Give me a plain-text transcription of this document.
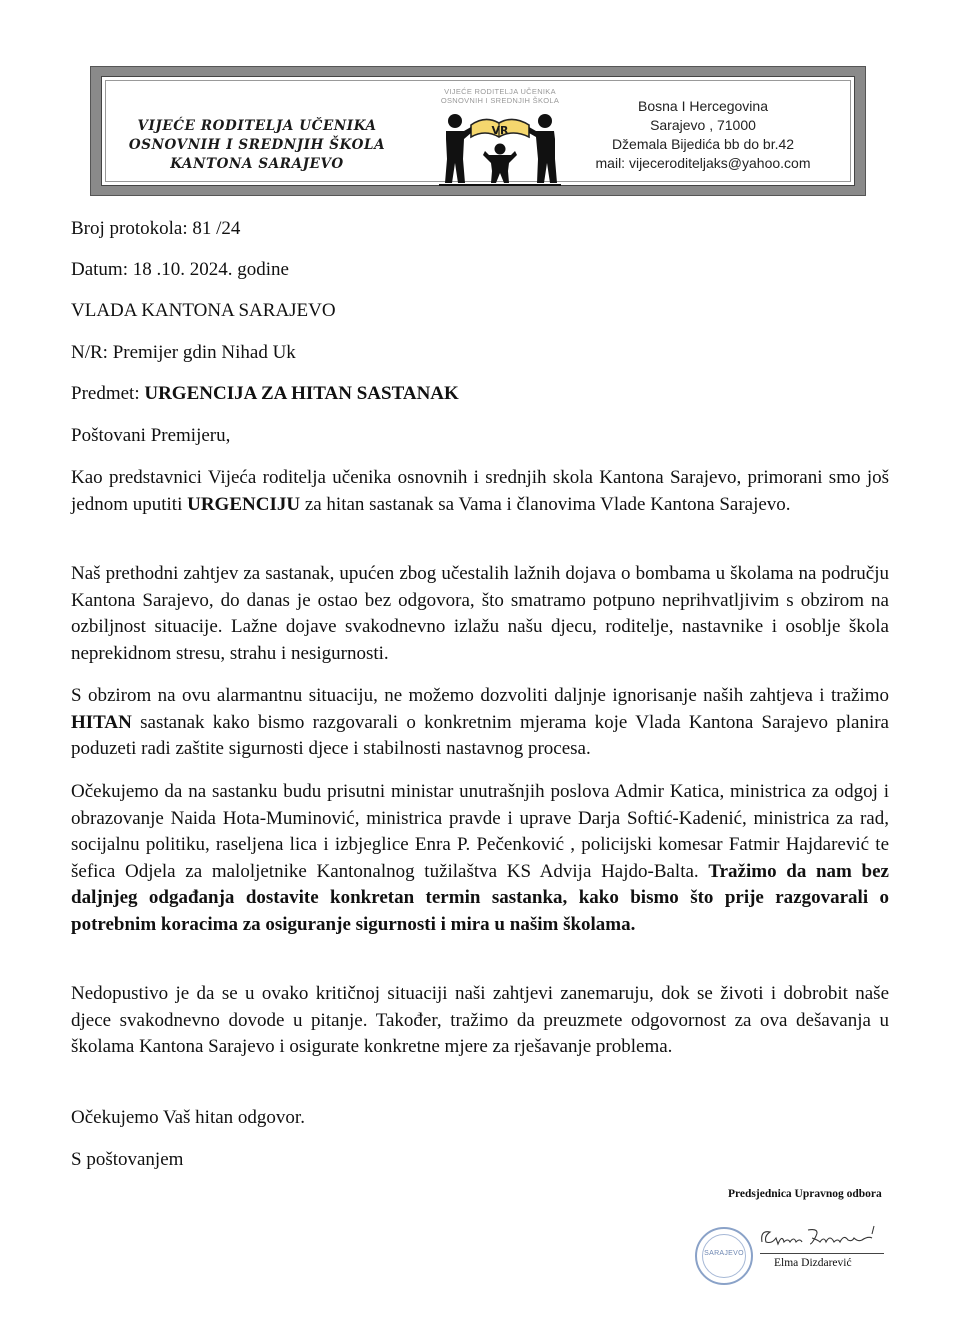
VIJEĆE RODITELJA UČENIKA
OSNOVNIH I SREDNJIH ŠKOLA
KANTONA SARAJEVO
VIJEĆE RODITELJA UČENIKA
OSNOVNIH I SREDNJIH ŠKOLA
VR
Bosna I Hercegovina
Sarajevo , 71000
Džemala Bijedića bb do br.42
mail: vijeceroditeljaks@yahoo.com
Broj protokola: 81 /24
Datum: 18 .10. 2024. godine
VLADA KANTONA SARAJEVO
N/R: Premijer gdin Nihad Uk
Predmet: URGENCIJA ZA HITAN SASTANAK
Poštovani Premijeru,

Kao predstavnici Vijeća roditelja učenika osnovnih i srednjih skola Kantona Sarajevo, primorani smo još jednom uputiti URGENCIJU za hitan sastanak sa Vama i članovima Vlade Kantona Sarajevo.

Naš prethodni zahtjev za sastanak, upućen zbog učestalih lažnih dojava o bombama u školama na području Kantona Sarajevo, do danas je ostao bez odgovora, što smatramo potpuno neprihvatljivim s obzirom na ozbiljnost situacije. Lažne dojave svakodnevno izlažu našu djecu, roditelje, nastavnike i osoblje škola neprekidnom stresu, strahu i nesigurnosti.

S obzirom na ovu alarmantnu situaciju, ne možemo dozvoliti daljnje ignorisanje naših zahtjeva i tražimo HITAN sastanak kako bismo razgovarali o konkretnim mjerama koje Vlada Kantona Sarajevo planira poduzeti radi zaštite sigurnosti djece i stabilnosti nastavnog procesa.

Očekujemo da na sastanku budu prisutni ministar unutrašnjih poslova Admir Katica, ministrica za odgoj i obrazovanje Naida Hota-Muminović, ministrica pravde i uprave Darja Softić-Kadenić, ministrica za rad, socijalnu politiku, raseljena lica i izbjeglice Enra P. Pečenković , policijski komesar Fatmir Hajdarević te šefica Odjela za maloljetnike Kantonalnog tužilaštva KS Advija Hajdo-Balta. Tražimo da nam bez daljnjeg odgađanja dostavite konkretan termin sastanka, kako bismo što prije razgovarali o potrebnim koracima za osiguranje sigurnosti i mira u našim školama.

Nedopustivo je da se u ovako kritičnoj situaciji naši zahtjevi zanemaruju, dok se životi i dobrobit naše djece svakodnevno dovode u pitanje. Također, tražimo da preuzmete odgovornost za ova dešavanja u školama Kantona Sarajevo i osigurate konkretne mjere za rješavanje problema.

Očekujemo Vaš hitan odgovor.
S poštovanjem
Predsjednica Upravnog odbora
SARAJEVO
Elma Dizdarević
